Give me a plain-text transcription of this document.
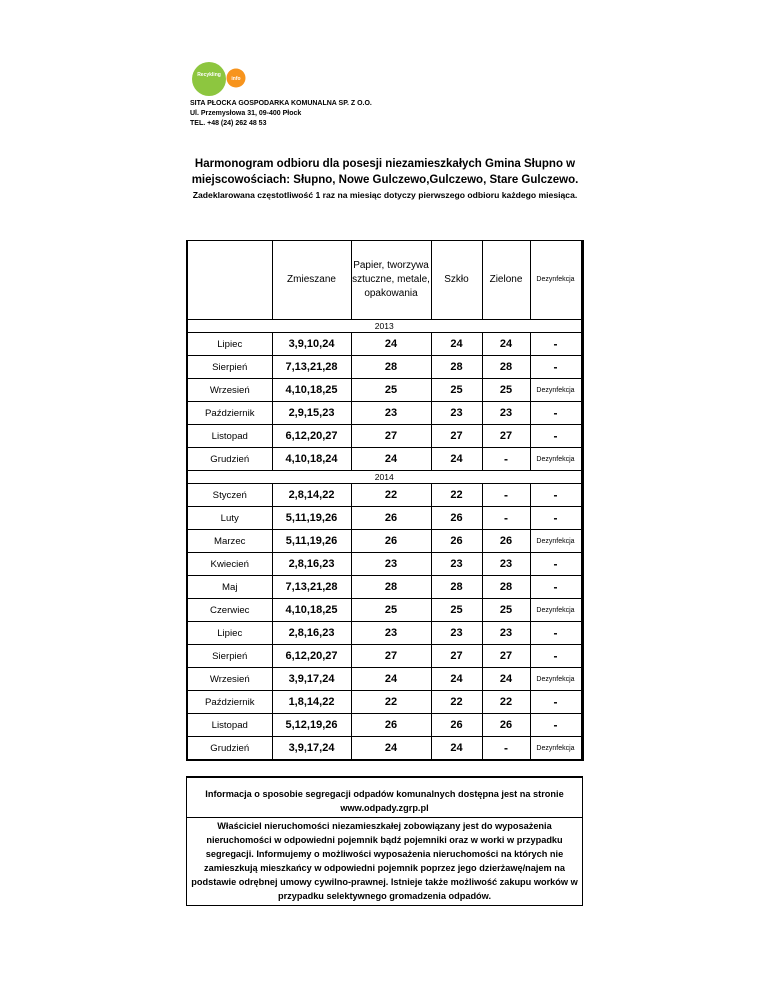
Recykling
info
SITA PŁOCKA GOSPODARKA KOMUNALNA SP. Z O.O.
Ul. Przemysłowa 31, 09-400 Płock
TEL. +48 (24) 262 48 53
Harmonogram odbioru dla posesji niezamieszkałych Gmina Słupno w
miejscowościach: Słupno, Nowe Gulczewo,Gulczewo, Stare Gulczewo.
Zadeklarowana częstotliwość 1 raz na miesiąc dotyczy pierwszego odbioru każdego miesiąca.
	Zmieszane	Papier, tworzywa sztuczne, metale, opakowania	Szkło	Zielone	Dezynfekcja
2013					
Lipiec	3,9,10,24	24	24	24	-
Sierpień	7,13,21,28	28	28	28	-
Wrzesień	4,10,18,25	25	25	25	Dezynfekcja
Październik	2,9,15,23	23	23	23	-
Listopad	6,12,20,27	27	27	27	-
Grudzień	4,10,18,24	24	24	-	Dezynfekcja
2014					
Styczeń	2,8,14,22	22	22	-	-
Luty	5,11,19,26	26	26	-	-
Marzec	5,11,19,26	26	26	26	Dezynfekcja
Kwiecień	2,8,16,23	23	23	23	-
Maj	7,13,21,28	28	28	28	-
Czerwiec	4,10,18,25	25	25	25	Dezynfekcja
Lipiec	2,8,16,23	23	23	23	-
Sierpień	6,12,20,27	27	27	27	-
Wrzesień	3,9,17,24	24	24	24	Dezynfekcja
Październik	1,8,14,22	22	22	22	-
Listopad	5,12,19,26	26	26	26	-
Grudzień	3,9,17,24	24	24	-	Dezynfekcja
Informacja o sposobie segregacji odpadów komunalnych dostępna jest na stronie www.odpady.zgrp.pl
Właściciel nieruchomości niezamieszkałej zobowiązany jest do wyposażenia nieruchomości w odpowiedni pojemnik bądź pojemniki oraz w worki w przypadku segregacji. Informujemy o możliwości wyposażenia nieruchomości na których nie zamieszkują mieszkańcy w odpowiedni pojemnik poprzez jego dzierżawę/najem na podstawie odrębnej umowy cywilno-prawnej. Istnieje także możliwość zakupu worków w przypadku selektywnego gromadzenia odpadów.
